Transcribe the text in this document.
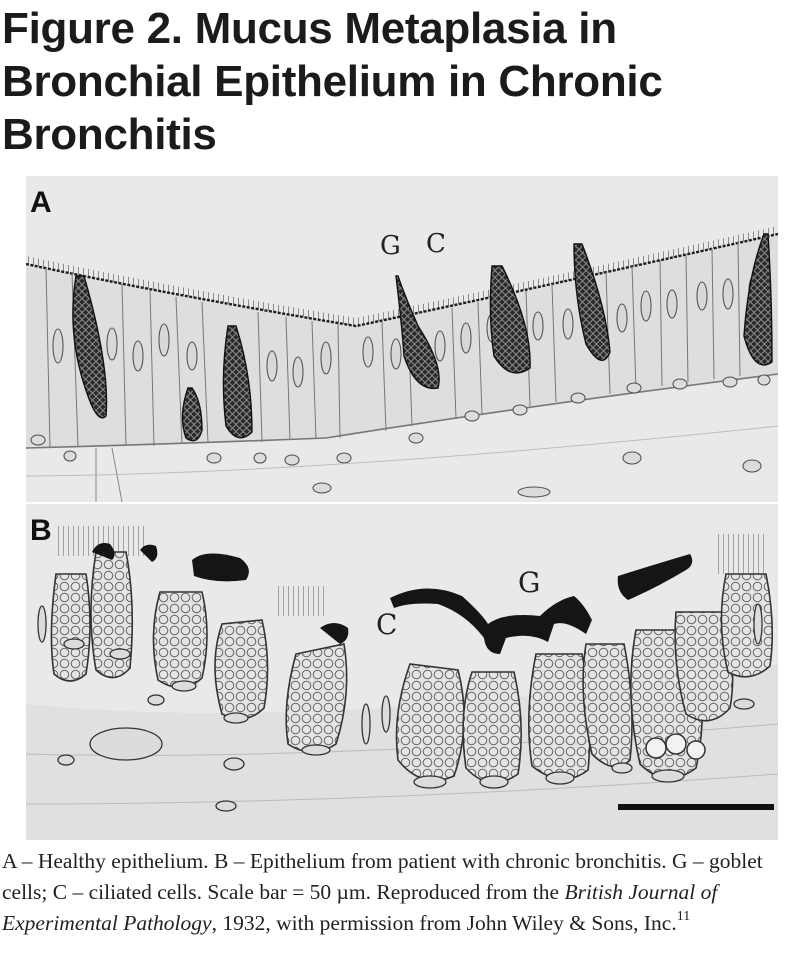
Figure 2. Mucus Metaplasia in Bronchial Epithelium in Chronic Bronchitis
A
G C
B
G
C
A – Healthy epithelium. B – Epithelium from patient with chronic bronchitis. G – goblet cells; C – ciliated cells. Scale bar = 50 µm. Reproduced from the British Journal of Experimental Pathology, 1932, with permission from John Wiley & Sons, Inc.$^{11}$
